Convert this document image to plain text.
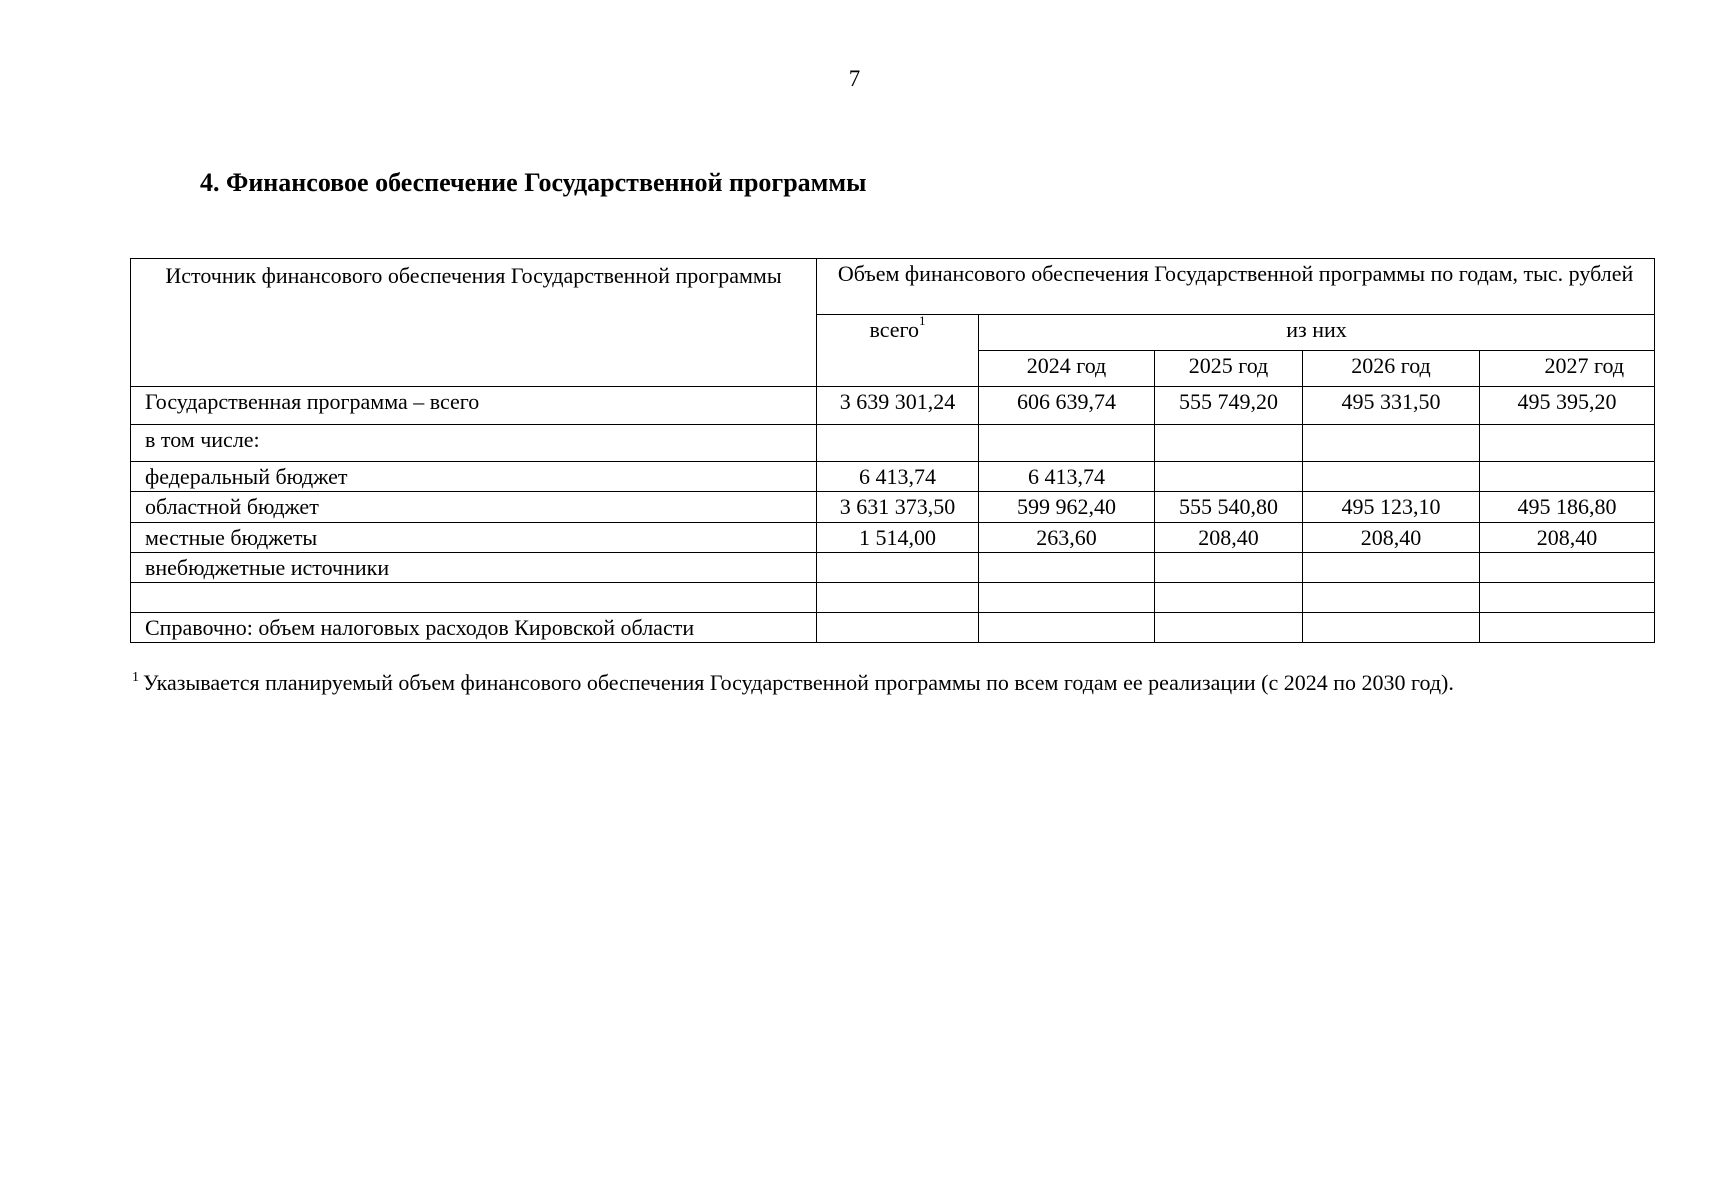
7
4. Финансовое обеспечение Государственной программы
Источник финансового обеспечения Государственной программы	Объем финансового обеспечения Государственной программы по годам, тыс. рублей				
	всего$^1$	из них			
		2024 год	2025 год	2026 год	2027 год
Государственная программа – всего	3 639 301,24	606 639,74	555 749,20	495 331,50	495 395,20
в том числе:					
федеральный бюджет	6 413,74	6 413,74			
областной бюджет	3 631 373,50	599 962,40	555 540,80	495 123,10	495 186,80
местные бюджеты	1 514,00	263,60	208,40	208,40	208,40
внебюджетные источники					

Справочно: объем налоговых расходов Кировской области					
$^1$ Указывается планируемый объем финансового обеспечения Государственной программы по всем годам ее реализации (с 2024 по 2030 год).
